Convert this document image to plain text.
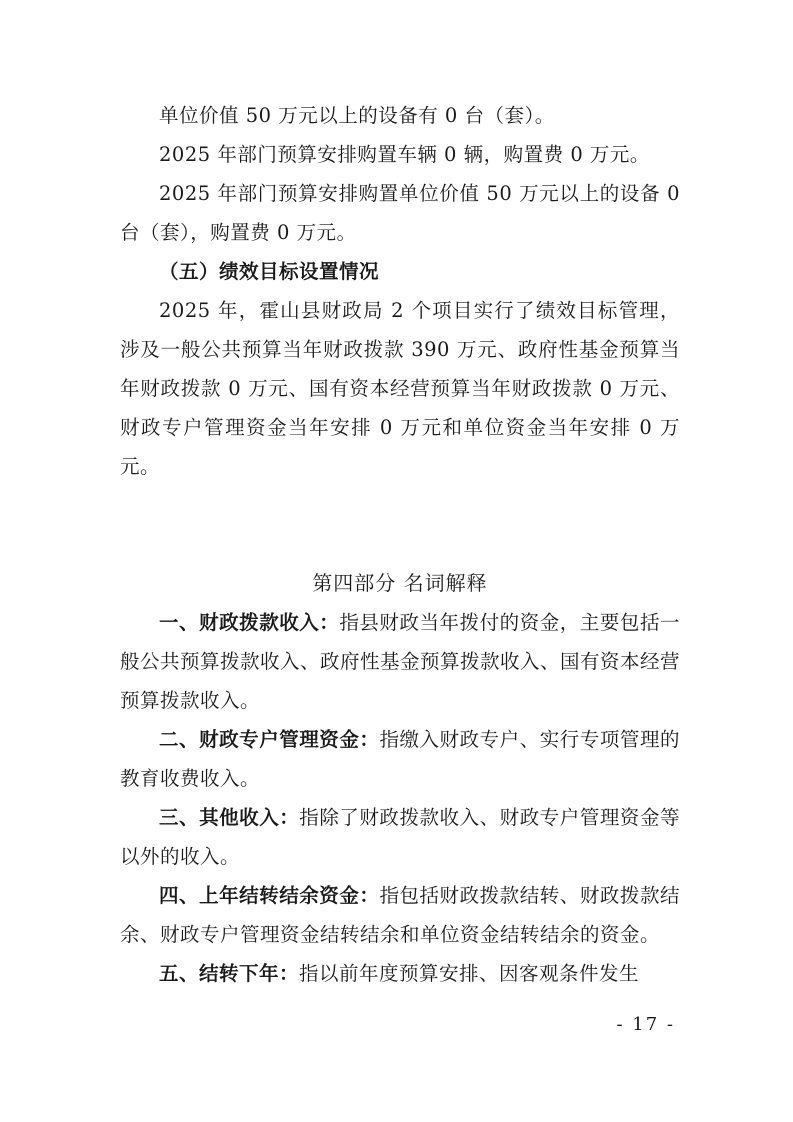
单位价值 50 万元以上的设备有 0 台（套）。

2025 年部门预算安排购置车辆 0 辆，购置费 0 万元。

2025 年部门预算安排购置单位价值 50 万元以上的设备 0 台（套），购置费 0 万元。

（五）绩效目标设置情况

2025 年，霍山县财政局 2 个项目实行了绩效目标管理，涉及一般公共预算当年财政拨款 390 万元、政府性基金预算当年财政拨款 0 万元、国有资本经营预算当年财政拨款 0 万元、财政专户管理资金当年安排 0 万元和单位资金当年安排 0 万元。

第四部分 名词解释

一、财政拨款收入：指县财政当年拨付的资金，主要包括一般公共预算拨款收入、政府性基金预算拨款收入、国有资本经营预算拨款收入。

二、财政专户管理资金：指缴入财政专户、实行专项管理的教育收费收入。

三、其他收入：指除了财政拨款收入、财政专户管理资金等以外的收入。

四、上年结转结余资金：指包括财政拨款结转、财政拨款结余、财政专户管理资金结转结余和单位资金结转结余的资金。

五、结转下年：指以前年度预算安排、因客观条件发生

- 17 -
